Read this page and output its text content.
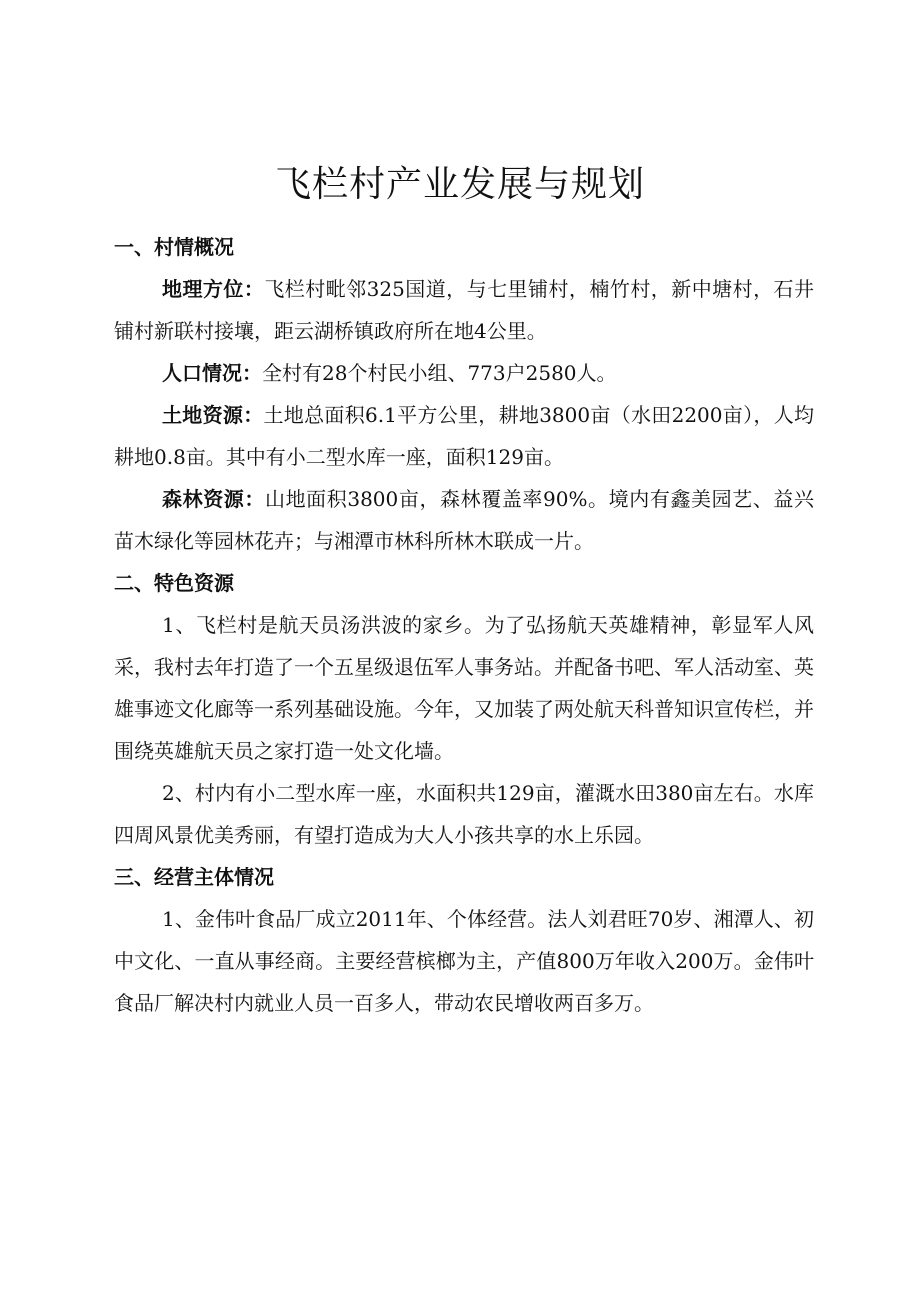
飞栏村产业发展与规划
一、村情概况

地理方位：飞栏村毗邻325国道，与七里铺村，楠竹村，新中塘村，石井铺村新联村接壤，距云湖桥镇政府所在地4公里。

人口情况：全村有28个村民小组、773户2580人。

土地资源：土地总面积6.1平方公里，耕地3800亩（水田2200亩），人均耕地0.8亩。其中有小二型水库一座，面积129亩。

森林资源：山地面积3800亩，森林覆盖率90%。境内有鑫美园艺、益兴苗木绿化等园林花卉；与湘潭市林科所林木联成一片。

二、特色资源

1、飞栏村是航天员汤洪波的家乡。为了弘扬航天英雄精神，彰显军人风采，我村去年打造了一个五星级退伍军人事务站。并配备书吧、军人活动室、英雄事迹文化廊等一系列基础设施。今年，又加装了两处航天科普知识宣传栏，并围绕英雄航天员之家打造一处文化墙。

2、村内有小二型水库一座，水面积共129亩，灌溉水田380亩左右。水库四周风景优美秀丽，有望打造成为大人小孩共享的水上乐园。

三、经营主体情况

1、金伟叶食品厂成立2011年、个体经营。法人刘君旺70岁、湘潭人、初中文化、一直从事经商。主要经营槟榔为主，产值800万年收入200万。金伟叶食品厂解决村内就业人员一百多人，带动农民增收两百多万。
